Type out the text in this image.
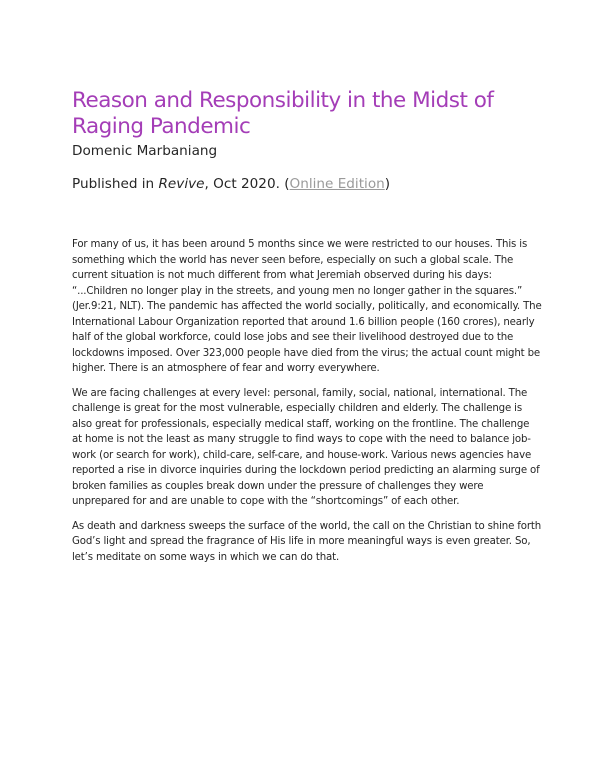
Reason and Responsibility in the Midst of Raging Pandemic

Domenic Marbaniang

Published in Revive, Oct 2020. (Online Edition)

For many of us, it has been around 5 months since we were restricted to our houses. This is something which the world has never seen before, especially on such a global scale. The current situation is not much different from what Jeremiah observed during his days: “...Children no longer play in the streets, and young men no longer gather in the squares.” (Jer.9:21, NLT). The pandemic has affected the world socially, politically, and economically. The International Labour Organization reported that around 1.6 billion people (160 crores), nearly half of the global workforce, could lose jobs and see their livelihood destroyed due to the lockdowns imposed. Over 323,000 people have died from the virus; the actual count might be higher. There is an atmosphere of fear and worry everywhere.

We are facing challenges at every level: personal, family, social, national, international. The challenge is great for the most vulnerable, especially children and elderly. The challenge is also great for professionals, especially medical staff, working on the frontline. The challenge at home is not the least as many struggle to find ways to cope with the need to balance job-work (or search for work), child-care, self-care, and house-work. Various news agencies have reported a rise in divorce inquiries during the lockdown period predicting an alarming surge of broken families as couples break down under the pressure of challenges they were unprepared for and are unable to cope with the “shortcomings” of each other.

As death and darkness sweeps the surface of the world, the call on the Christian to shine forth God’s light and spread the fragrance of His life in more meaningful ways is even greater. So, let’s meditate on some ways in which we can do that.
